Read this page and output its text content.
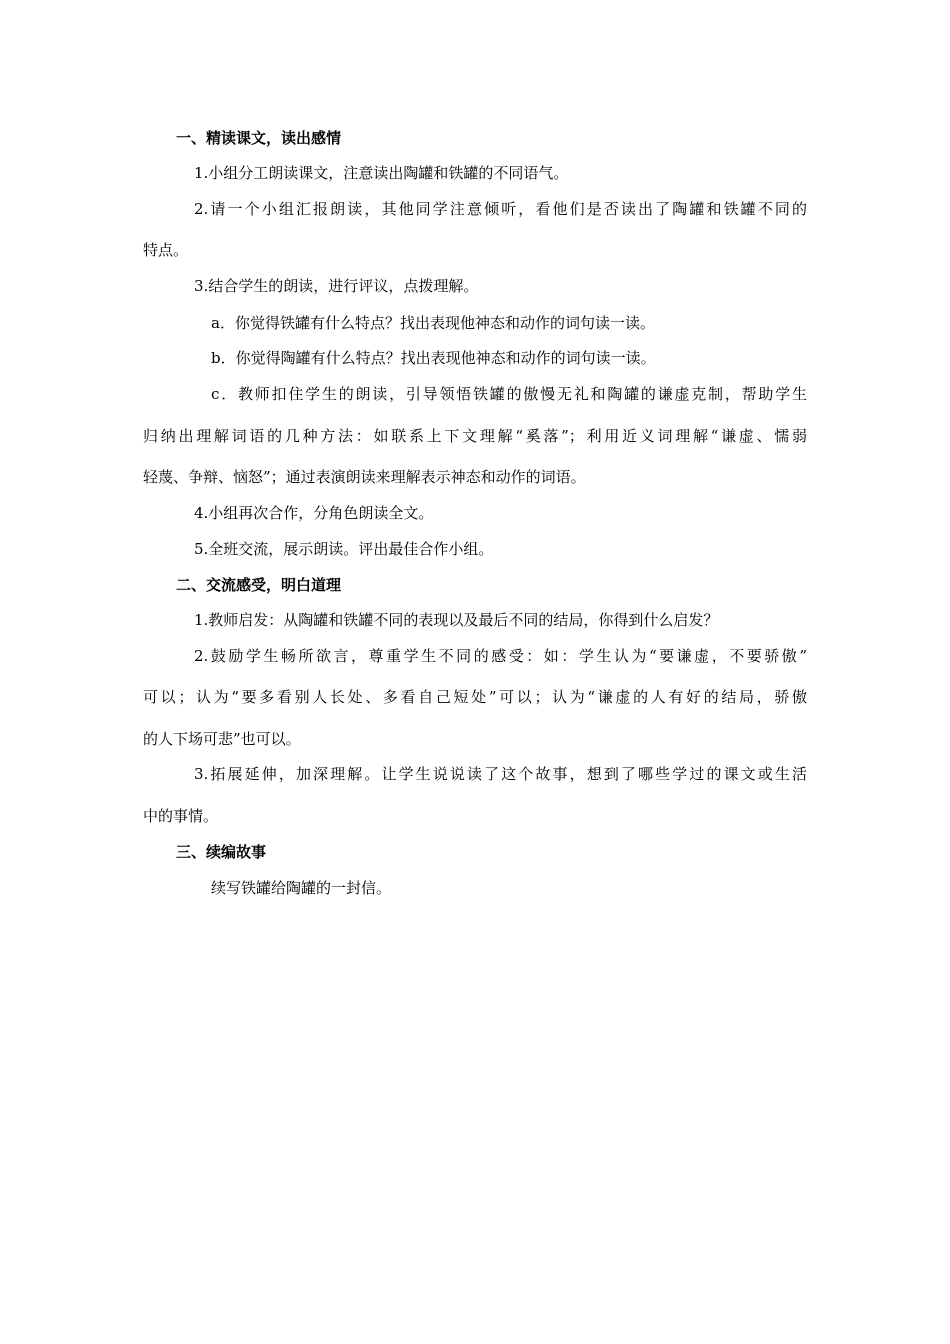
一、精读课文，读出感情
1.小组分工朗读课文，注意读出陶罐和铁罐的不同语气。
2.请一个小组汇报朗读，其他同学注意倾听，看他们是否读出了陶罐和铁罐不同的
特点。
3.结合学生的朗读，进行评议，点拨理解。
a．你觉得铁罐有什么特点？找出表现他神态和动作的词句读一读。
b．你觉得陶罐有什么特点？找出表现他神态和动作的词句读一读。
c．教师扣住学生的朗读，引导领悟铁罐的傲慢无礼和陶罐的谦虚克制，帮助学生
归纳出理解词语的几种方法：如联系上下文理解“奚落”；利用近义词理解“谦虚、懦弱
轻蔑、争辩、恼怒”；通过表演朗读来理解表示神态和动作的词语。
4.小组再次合作，分角色朗读全文。
5.全班交流，展示朗读。评出最佳合作小组。
二、交流感受，明白道理
1.教师启发：从陶罐和铁罐不同的表现以及最后不同的结局，你得到什么启发？
2.鼓励学生畅所欲言，尊重学生不同的感受：如：学生认为“要谦虚，不要骄傲”
可以；认为“要多看别人长处、多看自己短处”可以；认为“谦虚的人有好的结局，骄傲
的人下场可悲”也可以。
3.拓展延伸，加深理解。让学生说说读了这个故事，想到了哪些学过的课文或生活
中的事情。
三、续编故事
续写铁罐给陶罐的一封信。
